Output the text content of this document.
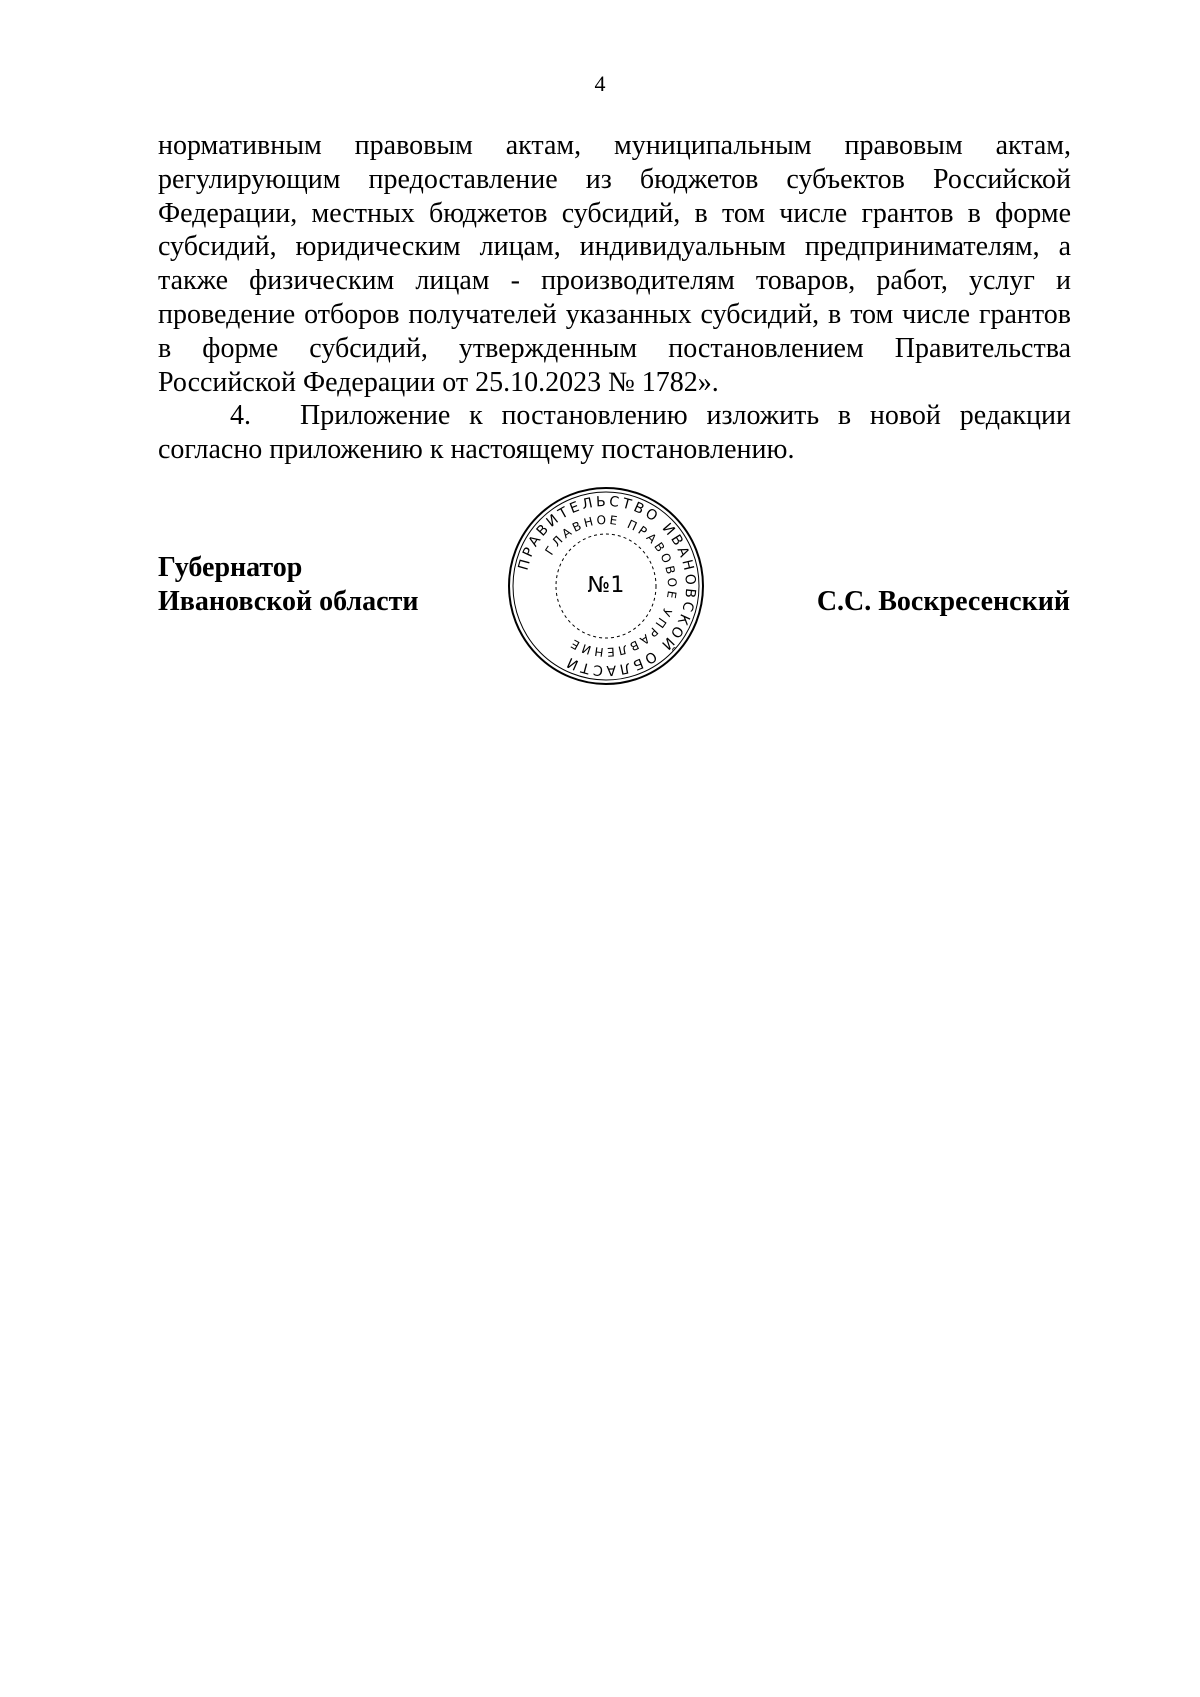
4
нормативным правовым актам, муниципальным правовым актам,
регулирующим предоставление из бюджетов субъектов Российской
Федерации, местных бюджетов субсидий, в том числе грантов в форме
субсидий, юридическим лицам, индивидуальным предпринимателям, а
также физическим лицам - производителям товаров, работ, услуг и
проведение отборов получателей указанных субсидий, в том числе грантов
в форме субсидий, утвержденным постановлением Правительства
Российской Федерации от 25.10.2023 № 1782».
4. Приложение к постановлению изложить в новой редакции
согласно приложению к настоящему постановлению.
Губернатор
Ивановской области
ПРАВИТЕЛЬСТВО ИВАНОВСКОЙ ОБЛАСТИ
ГЛАВНОЕ ПРАВОВОЕ УПРАВЛЕНИЕ
№1
С.С. Воскресенский
